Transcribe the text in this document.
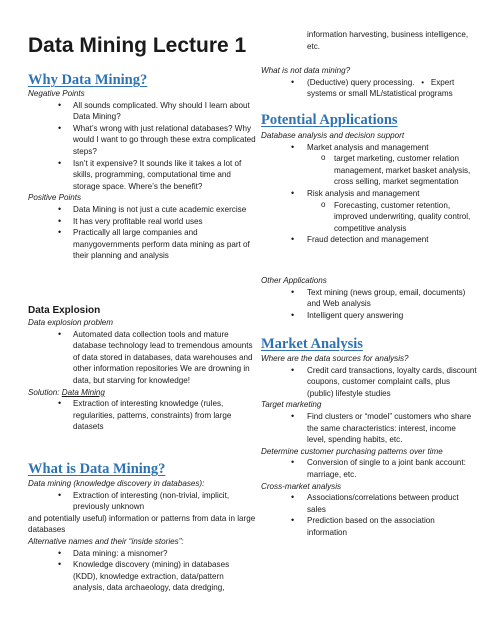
Data Mining Lecture 1
Why Data Mining?

Negative Points

• All sounds complicated. Why should I learn about Data Mining?
• What’s wrong with just relational databases? Why would I want to go through these extra complicated steps?
• Isn’t it expensive? It sounds like it takes a lot of skills, programming, computational time and storage space. Where’s the benefit?

Positive Points

• Data Mining is not just a cute academic exercise
• It has very profitable real world uses
• Practically all large companies and manygovernments perform data mining as part of their planning and analysis
Data Explosion

Data explosion problem

• Automated data collection tools and mature database technology lead to tremendous amounts of data stored in databases, data warehouses and other information repositories We are drowning in data, but starving for knowledge!

Solution: Data Mining

• Extraction of interesting knowledge (rules, regularities, patterns, constraints) from large datasets
What is Data Mining?

Data mining (knowledge discovery in databases):

• Extraction of interesting (non-trivial, implicit, previously unknown

and potentially useful) information or patterns from data in large

databases

Alternative names and their “inside stories”:

• Data mining: a misnomer?
• Knowledge discovery (mining) in databases (KDD), knowledge extraction, data/pattern analysis, data archaeology, data dredging,

information harvesting, business intelligence, etc.

What is not data mining?

• (Deductive) query processing.   •   Expert systems or small ML/statistical programs
Potential Applications

Database analysis and decision support

• Market analysis and management
o target marketing, customer relation management, market basket analysis, cross selling, market segmentation
• Risk analysis and management
o Forecasting, customer retention, improved underwriting, quality control, competitive analysis
• Fraud detection and management

Other Applications

• Text mining (news group, email, documents) and Web analysis
• Intelligent query answering
Market Analysis

Where are the data sources for analysis?

• Credit card transactions, loyalty cards, discount coupons, customer complaint calls, plus (public) lifestyle studies

Target marketing

• Find clusters or “model” customers who share the same characteristics: interest, income level, spending habits, etc.

Determine customer purchasing patterns over time

• Conversion of single to a joint bank account: marriage, etc.

Cross-market analysis

• Associations/correlations between product sales
• Prediction based on the association information
